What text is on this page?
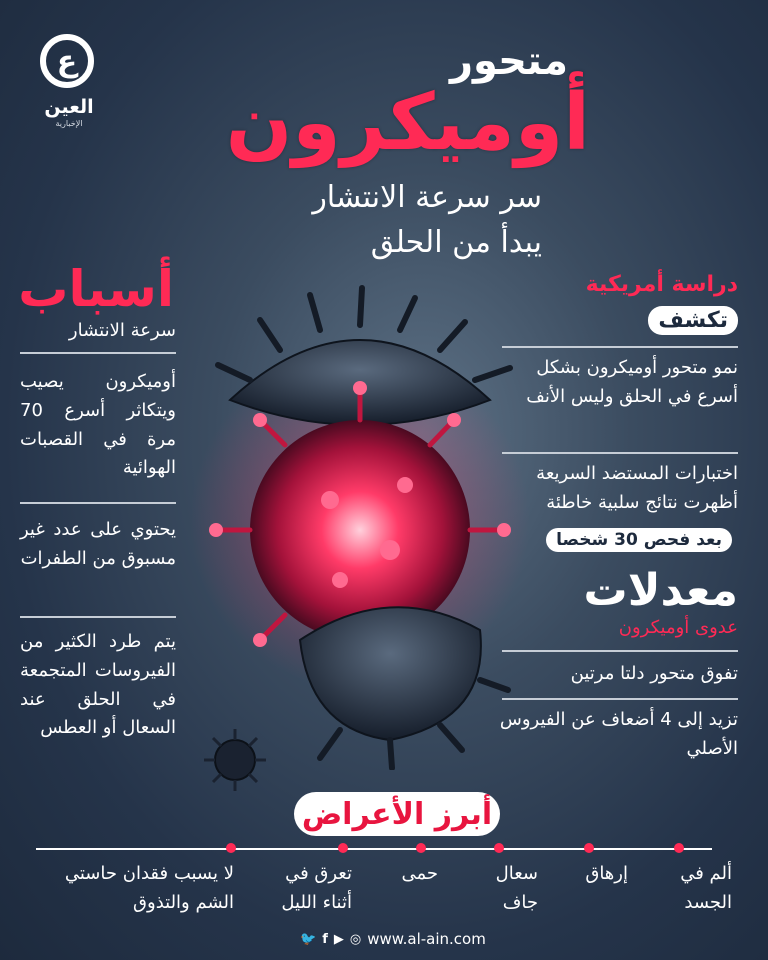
ع
العين
الإخبارية
متحور
أوميكرون
سر سرعة الانتشار
يبدأ من الحلق
أسباب
سرعة الانتشار
أوميكرون يصيب ويتكاثر أسرع 70 مرة في القصبات الهوائية
يحتوي على عدد غير مسبوق من الطفرات
يتم طرد الكثير من الفيروسات المتجمعة في الحلق عند السعال أو العطس
دراسة أمريكية
تكشف
نمو متحور أوميكرون بشكل أسرع في الحلق وليس الأنف
اختبارات المستضد السريعة أظهرت نتائج سلبية خاطئة
بعد فحص 30 شخصا
معدلات
عدوى أوميكرون
تفوق متحور دلتا مرتين
تزيد إلى 4 أضعاف عن الفيروس الأصلي
أبرز الأعراض
ألم في الجسد
إرهاق
سعال جاف
حمى
تعرق في أثناء الليل
لا يسبب فقدان حاستي الشم والتذوق
🐦 f ▶ ◎ www.al-ain.com
